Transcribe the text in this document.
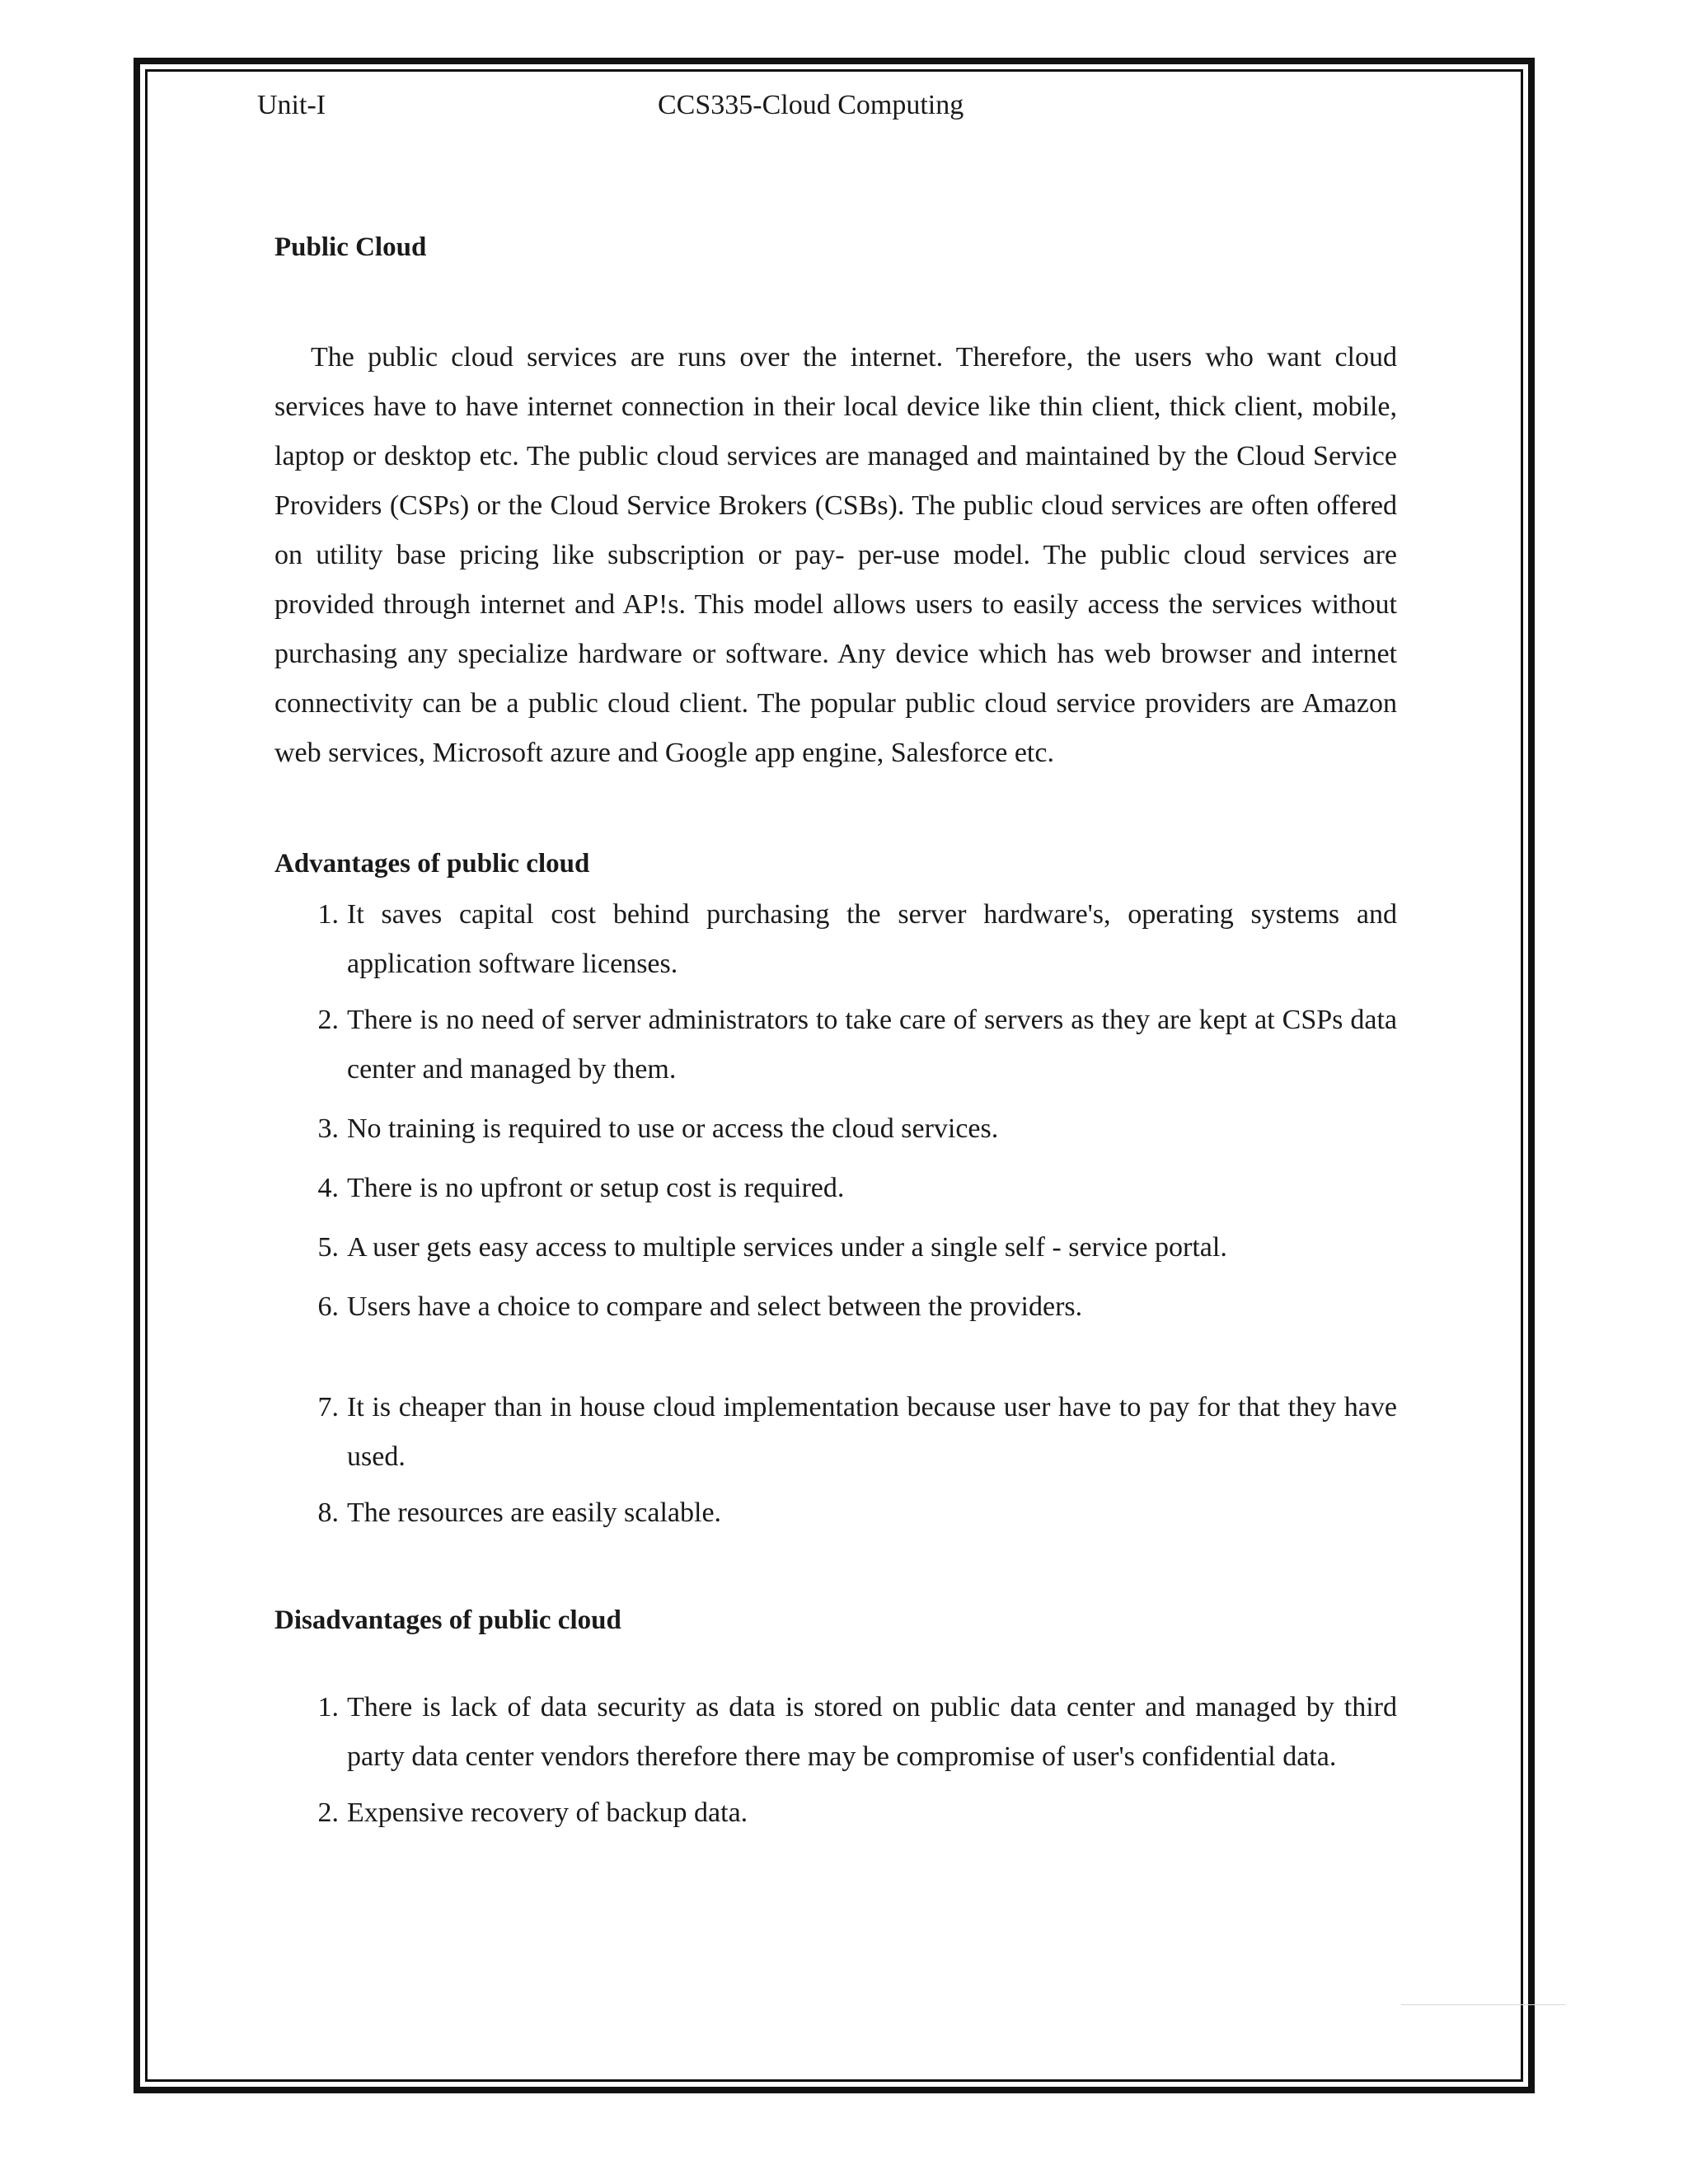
Unit-I	CCS335-Cloud Computing
Public Cloud

The public cloud services are runs over the internet. Therefore, the users who want cloud services have to have internet connection in their local device like thin client, thick client, mobile, laptop or desktop etc. The public cloud services are managed and maintained by the Cloud Service Providers (CSPs) or the Cloud Service Brokers (CSBs). The public cloud services are often offered on utility base pricing like subscription or pay- per-use model. The public cloud services are provided through internet and AP!s. This model allows users to easily access the services without purchasing any specialize hardware or software. Any device which has web browser and internet connectivity can be a public cloud client. The popular public cloud service providers are Amazon web services, Microsoft azure and Google app engine, Salesforce etc.

Advantages of public cloud
1. It saves capital cost behind purchasing the server hardware's, operating systems and application software licenses.
2. There is no need of server administrators to take care of servers as they are kept at CSPs data center and managed by them.
3. No training is required to use or access the cloud services.
4. There is no upfront or setup cost is required.
5. A user gets easy access to multiple services under a single self - service portal.
6. Users have a choice to compare and select between the providers.
7. It is cheaper than in house cloud implementation because user have to pay for that they have used.
8. The resources are easily scalable.
Disadvantages of public cloud
1. There is lack of data security as data is stored on public data center and managed by third party data center vendors therefore there may be compromise of user's confidential data.
2. Expensive recovery of backup data.
